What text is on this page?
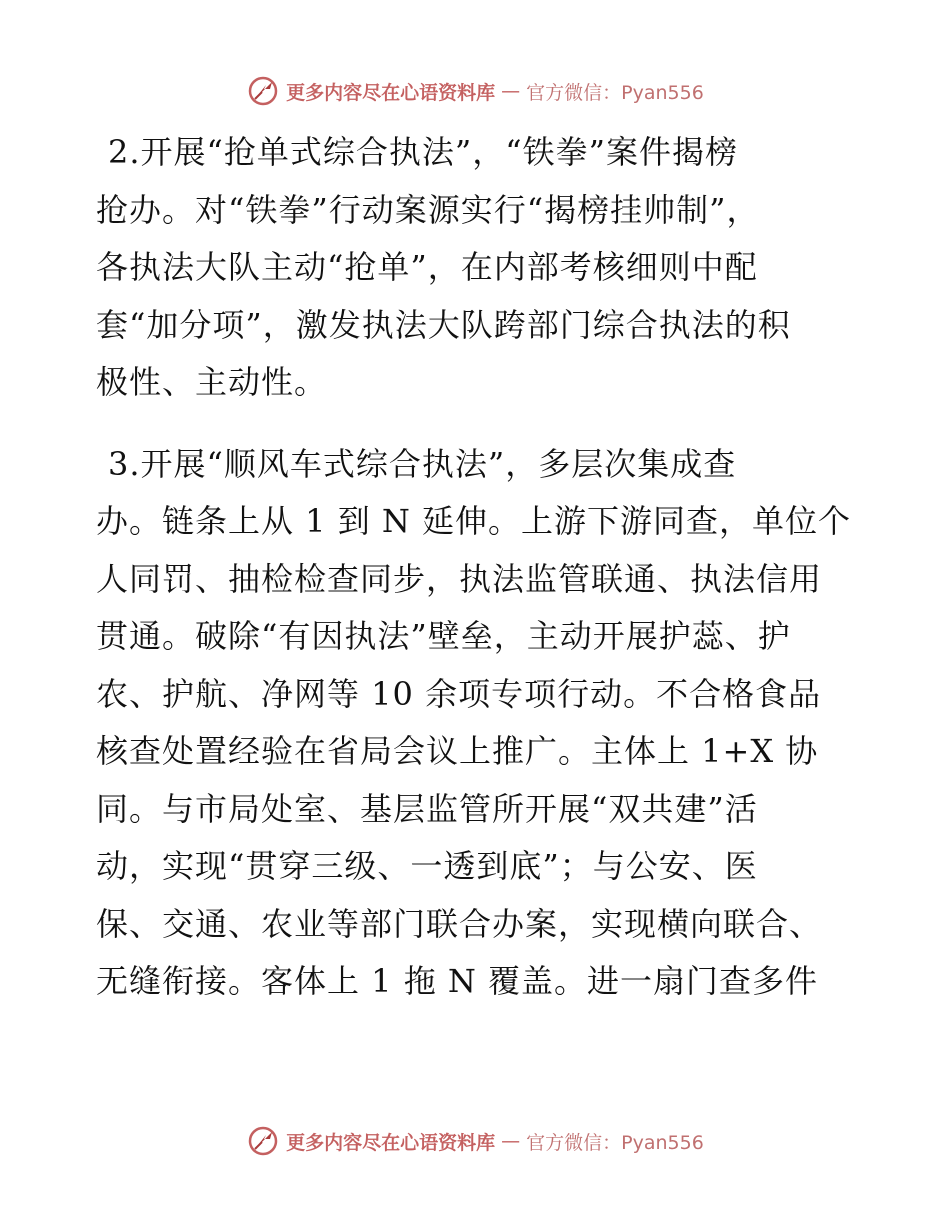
更多内容尽在心语资料库 — 官方微信：Pyan556
2.开展“抢单式综合执法”，“铁拳”案件揭榜
抢办。对“铁拳”行动案源实行“揭榜挂帅制”，
各执法大队主动“抢单”，在内部考核细则中配
套“加分项”，激发执法大队跨部门综合执法的积
极性、主动性。
3.开展“顺风车式综合执法”，多层次集成查
办。链条上从 1 到 N 延伸。上游下游同查，单位个
人同罚、抽检检查同步，执法监管联通、执法信用
贯通。破除“有因执法”壁垒，主动开展护蕊、护
农、护航、净网等 10 余项专项行动。不合格食品
核查处置经验在省局会议上推广。主体上 1+X 协
同。与市局处室、基层监管所开展“双共建”活
动，实现“贯穿三级、一透到底”；与公安、医
保、交通、农业等部门联合办案，实现横向联合、
无缝衔接。客体上 1 拖 N 覆盖。进一扇门查多件
更多内容尽在心语资料库 — 官方微信：Pyan556
